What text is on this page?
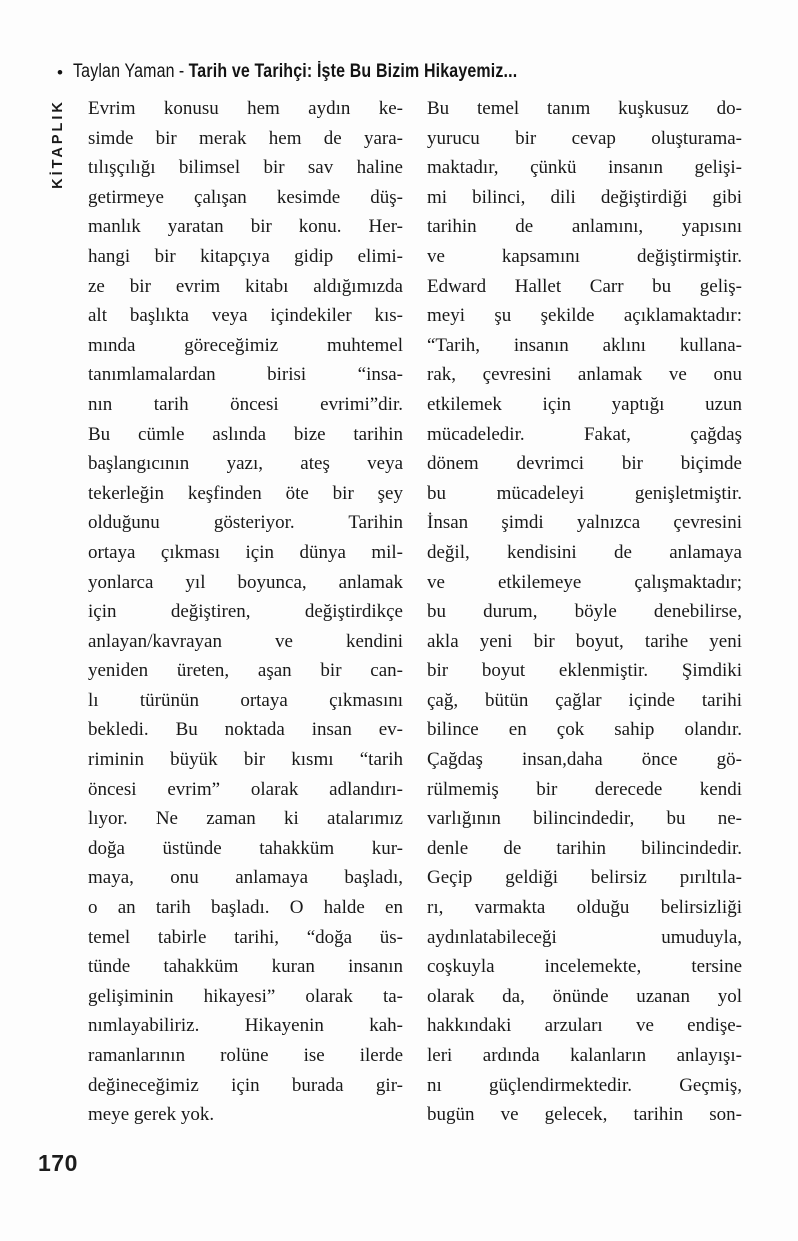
• Taylan Yaman - Tarih ve Tarihçi: İşte Bu Bizim Hikayemiz...
KİTAPLIK Evrim konusu hem aydın ke-
simde bir merak hem de yara-
tılışçılığı bilimsel bir sav haline
getirmeye çalışan kesimde düş-
manlık yaratan bir konu. Her-
hangi bir kitapçıya gidip elimi-
ze bir evrim kitabı aldığımızda
alt başlıkta veya içindekiler kıs-
mında göreceğimiz muhtemel
tanımlamalardan birisi “insa-
nın tarih öncesi evrimi”dir.
Bu cümle aslında bize tarihin
başlangıcının yazı, ateş veya
tekerleğin keşfinden öte bir şey
olduğunu gösteriyor. Tarihin
ortaya çıkması için dünya mil-
yonlarca yıl boyunca, anlamak
için değiştiren, değiştirdikçe
anlayan/kavrayan ve kendini
yeniden üreten, aşan bir can-
lı türünün ortaya çıkmasını
bekledi. Bu noktada insan ev-
riminin büyük bir kısmı “tarih
öncesi evrim” olarak adlandırı-
lıyor. Ne zaman ki atalarımız
doğa üstünde tahakküm kur-
maya, onu anlamaya başladı,
o an tarih başladı. O halde en
temel tabirle tarihi, “doğa üs-
tünde tahakküm kuran insanın
gelişiminin hikayesi” olarak ta-
nımlayabiliriz. Hikayenin kah-
ramanlarının rolüne ise ilerde
değineceğimiz için burada gir-
meye gerek yok.
Bu temel tanım kuşkusuz do-
yurucu bir cevap oluşturama-
maktadır, çünkü insanın gelişi-
mi bilinci, dili değiştirdiği gibi
tarihin de anlamını, yapısını
ve kapsamını değiştirmiştir.
Edward Hallet Carr bu geliş-
meyi şu şekilde açıklamaktadır:
“Tarih, insanın aklını kullana-
rak, çevresini anlamak ve onu
etkilemek için yaptığı uzun
mücadeledir. Fakat, çağdaş
dönem devrimci bir biçimde
bu mücadeleyi genişletmiştir.
İnsan şimdi yalnızca çevresini
değil, kendisini de anlamaya
ve etkilemeye çalışmaktadır;
bu durum, böyle denebilirse,
akla yeni bir boyut, tarihe yeni
bir boyut eklenmiştir. Şimdiki
çağ, bütün çağlar içinde tarihi
bilince en çok sahip olandır.
Çağdaş insan,daha önce gö-
rülmemiş bir derecede kendi
varlığının bilincindedir, bu ne-
denle de tarihin bilincindedir.
Geçip geldiği belirsiz pırıltıla-
rı, varmakta olduğu belirsizliği
aydınlatabileceği umuduyla,
coşkuyla incelemekte, tersine
olarak da, önünde uzanan yol
hakkındaki arzuları ve endişe-
leri ardında kalanların anlayışı-
nı güçlendirmektedir. Geçmiş,
bugün ve gelecek, tarihin son-
170
